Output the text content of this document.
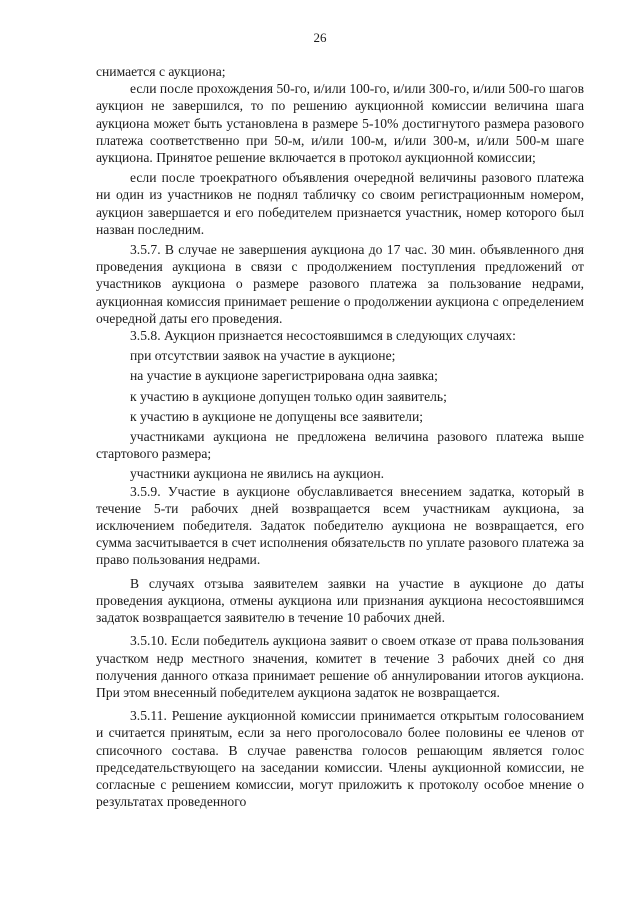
26

снимается с аукциона;

если после прохождения 50-го, и/или 100-го, и/или 300-го, и/или 500-го шагов аукцион не завершился, то по решению аукционной комиссии величина шага аукциона может быть установлена в размере 5-10% достигнутого размера разового платежа соответственно при 50-м, и/или 100-м, и/или 300-м, и/или 500-м шаге аукциона. Принятое решение включается в протокол аукционной комиссии;

если после троекратного объявления очередной величины разового платежа ни один из участников не поднял табличку со своим регистрационным номером, аукцион завершается и его победителем признается участник, номер которого был назван последним.

3.5.7. В случае не завершения аукциона до 17 час. 30 мин. объявленного дня проведения аукциона в связи с продолжением поступления предложений от участников аукциона о размере разового платежа за пользование недрами, аукционная комиссия принимает решение о продолжении аукциона с определением очередной даты его проведения.

3.5.8. Аукцион признается несостоявшимся в следующих случаях:

при отсутствии заявок на участие в аукционе;

на участие в аукционе зарегистрирована одна заявка;

к участию в аукционе допущен только один заявитель;

к участию в аукционе не допущены все заявители;

участниками аукциона не предложена величина разового платежа выше стартового размера;

участники аукциона не явились на аукцион.

3.5.9. Участие в аукционе обуславливается внесением задатка, который в течение 5-ти рабочих дней возвращается всем участникам аукциона, за исключением победителя. Задаток победителю аукциона не возвращается, его сумма засчитывается в счет исполнения обязательств по уплате разового платежа за право пользования недрами.

В случаях отзыва заявителем заявки на участие в аукционе до даты проведения аукциона, отмены аукциона или признания аукциона несостоявшимся задаток возвращается заявителю в течение 10 рабочих дней.

3.5.10. Если победитель аукциона заявит о своем отказе от права пользования участком недр местного значения, комитет в течение 3 рабочих дней со дня получения данного отказа принимает решение об аннулировании итогов аукциона. При этом внесенный победителем аукциона задаток не возвращается.

3.5.11. Решение аукционной комиссии принимается открытым голосованием и считается принятым, если за него проголосовало более половины ее членов от списочного состава. В случае равенства голосов решающим является голос председательствующего на заседании комиссии. Члены аукционной комиссии, не согласные с решением комиссии, могут приложить к протоколу особое мнение о результатах проведенного
